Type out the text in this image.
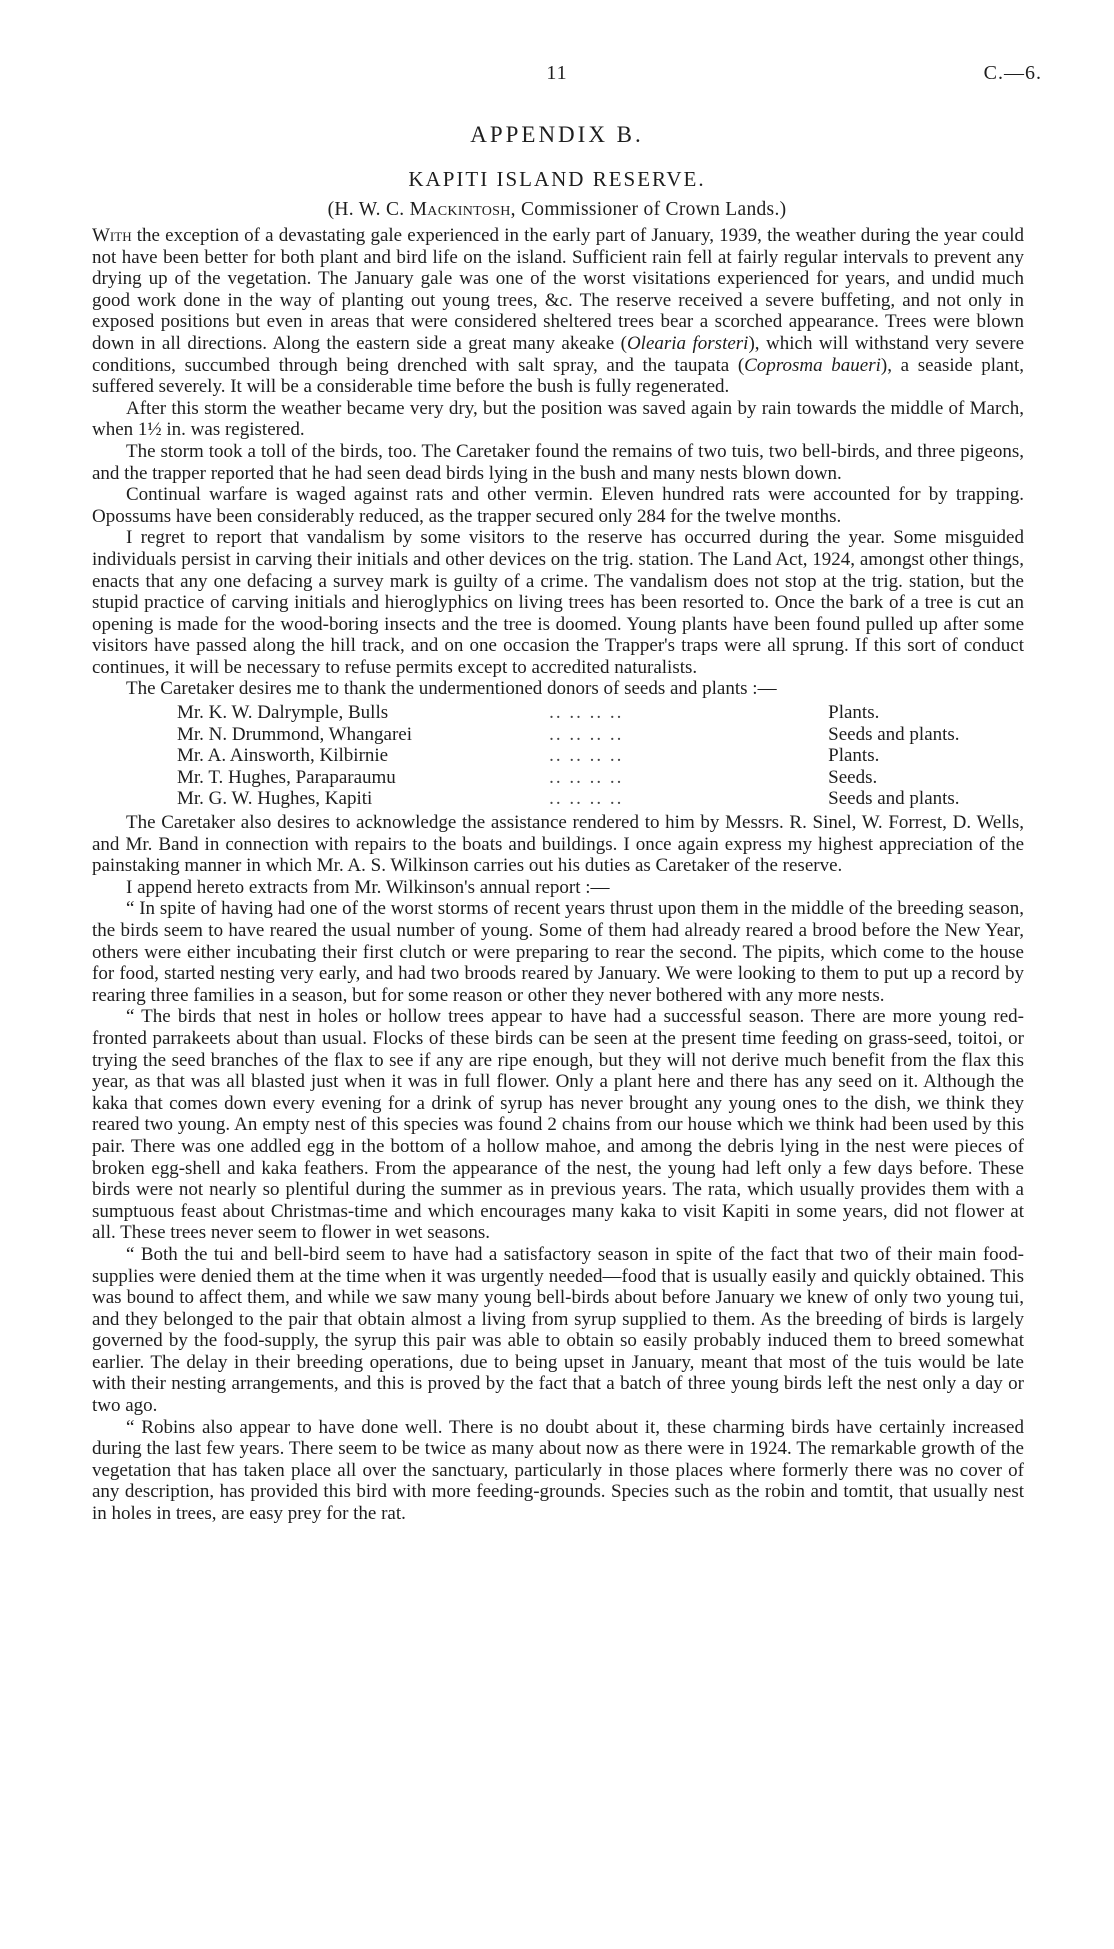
11	C.—6.
APPENDIX B.
KAPITI ISLAND RESERVE.
(H. W. C. Mackintosh, Commissioner of Crown Lands.)

With the exception of a devastating gale experienced in the early part of January, 1939, the weather during the year could not have been better for both plant and bird life on the island. Sufficient rain fell at fairly regular intervals to prevent any drying up of the vegetation. The January gale was one of the worst visitations experienced for years, and undid much good work done in the way of planting out young trees, &c. The reserve received a severe buffeting, and not only in exposed positions but even in areas that were considered sheltered trees bear a scorched appearance. Trees were blown down in all directions. Along the eastern side a great many akeake (Olearia forsteri), which will withstand very severe conditions, succumbed through being drenched with salt spray, and the taupata (Coprosma baueri), a seaside plant, suffered severely. It will be a considerable time before the bush is fully regenerated.

After this storm the weather became very dry, but the position was saved again by rain towards the middle of March, when 1½ in. was registered.

The storm took a toll of the birds, too. The Caretaker found the remains of two tuis, two bell-birds, and three pigeons, and the trapper reported that he had seen dead birds lying in the bush and many nests blown down.

Continual warfare is waged against rats and other vermin. Eleven hundred rats were accounted for by trapping. Opossums have been considerably reduced, as the trapper secured only 284 for the twelve months.

I regret to report that vandalism by some visitors to the reserve has occurred during the year. Some misguided individuals persist in carving their initials and other devices on the trig. station. The Land Act, 1924, amongst other things, enacts that any one defacing a survey mark is guilty of a crime. The vandalism does not stop at the trig. station, but the stupid practice of carving initials and hieroglyphics on living trees has been resorted to. Once the bark of a tree is cut an opening is made for the wood-boring insects and the tree is doomed. Young plants have been found pulled up after some visitors have passed along the hill track, and on one occasion the Trapper's traps were all sprung. If this sort of conduct continues, it will be necessary to refuse permits except to accredited naturalists.

The Caretaker desires me to thank the undermentioned donors of seeds and plants :—

Mr. K. W. Dalrymple, Bulls	.. .. .. ..	Plants.
Mr. N. Drummond, Whangarei	.. .. .. ..	Seeds and plants.
Mr. A. Ainsworth, Kilbirnie	.. .. .. ..	Plants.
Mr. T. Hughes, Paraparaumu	.. .. .. ..	Seeds.
Mr. G. W. Hughes, Kapiti	.. .. .. ..	Seeds and plants.

The Caretaker also desires to acknowledge the assistance rendered to him by Messrs. R. Sinel, W. Forrest, D. Wells, and Mr. Band in connection with repairs to the boats and buildings. I once again express my highest appreciation of the painstaking manner in which Mr. A. S. Wilkinson carries out his duties as Caretaker of the reserve.

I append hereto extracts from Mr. Wilkinson's annual report :—

“ In spite of having had one of the worst storms of recent years thrust upon them in the middle of the breeding season, the birds seem to have reared the usual number of young. Some of them had already reared a brood before the New Year, others were either incubating their first clutch or were preparing to rear the second. The pipits, which come to the house for food, started nesting very early, and had two broods reared by January. We were looking to them to put up a record by rearing three families in a season, but for some reason or other they never bothered with any more nests.

“ The birds that nest in holes or hollow trees appear to have had a successful season. There are more young red-fronted parrakeets about than usual. Flocks of these birds can be seen at the present time feeding on grass-seed, toitoi, or trying the seed branches of the flax to see if any are ripe enough, but they will not derive much benefit from the flax this year, as that was all blasted just when it was in full flower. Only a plant here and there has any seed on it. Although the kaka that comes down every evening for a drink of syrup has never brought any young ones to the dish, we think they reared two young. An empty nest of this species was found 2 chains from our house which we think had been used by this pair. There was one addled egg in the bottom of a hollow mahoe, and among the debris lying in the nest were pieces of broken egg-shell and kaka feathers. From the appearance of the nest, the young had left only a few days before. These birds were not nearly so plentiful during the summer as in previous years. The rata, which usually provides them with a sumptuous feast about Christmas-time and which encourages many kaka to visit Kapiti in some years, did not flower at all. These trees never seem to flower in wet seasons.

“ Both the tui and bell-bird seem to have had a satisfactory season in spite of the fact that two of their main food-supplies were denied them at the time when it was urgently needed—food that is usually easily and quickly obtained. This was bound to affect them, and while we saw many young bell-birds about before January we knew of only two young tui, and they belonged to the pair that obtain almost a living from syrup supplied to them. As the breeding of birds is largely governed by the food-supply, the syrup this pair was able to obtain so easily probably induced them to breed somewhat earlier. The delay in their breeding operations, due to being upset in January, meant that most of the tuis would be late with their nesting arrangements, and this is proved by the fact that a batch of three young birds left the nest only a day or two ago.

“ Robins also appear to have done well. There is no doubt about it, these charming birds have certainly increased during the last few years. There seem to be twice as many about now as there were in 1924. The remarkable growth of the vegetation that has taken place all over the sanctuary, particularly in those places where formerly there was no cover of any description, has provided this bird with more feeding-grounds. Species such as the robin and tomtit, that usually nest in holes in trees, are easy prey for the rat.
